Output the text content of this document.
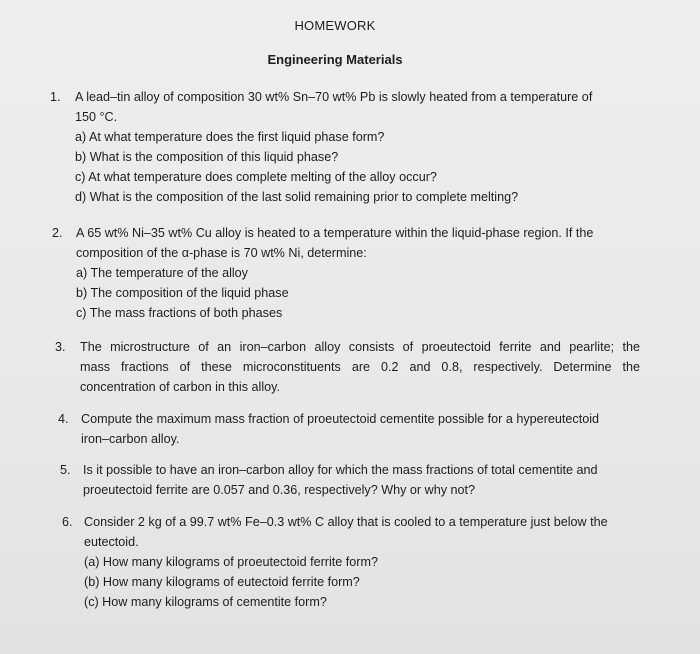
HOMEWORK
Engineering Materials
1. A lead–tin alloy of composition 30 wt% Sn–70 wt% Pb is slowly heated from a temperature of
150 °C.
a) At what temperature does the first liquid phase form?
b) What is the composition of this liquid phase?
c) At what temperature does complete melting of the alloy occur?
d) What is the composition of the last solid remaining prior to complete melting?
2. A 65 wt% Ni–35 wt% Cu alloy is heated to a temperature within the liquid-phase region. If the
composition of the α-phase is 70 wt% Ni, determine:
a) The temperature of the alloy
b) The composition of the liquid phase
c) The mass fractions of both phases
3. The microstructure of an iron–carbon alloy consists of proeutectoid ferrite and pearlite; the
mass fractions of these microconstituents are 0.2 and 0.8, respectively. Determine the
concentration of carbon in this alloy.
4. Compute the maximum mass fraction of proeutectoid cementite possible for a hypereutectoid
iron–carbon alloy.
5. Is it possible to have an iron–carbon alloy for which the mass fractions of total cementite and
proeutectoid ferrite are 0.057 and 0.36, respectively? Why or why not?
6. Consider 2 kg of a 99.7 wt% Fe–0.3 wt% C alloy that is cooled to a temperature just below the
eutectoid.
(a) How many kilograms of proeutectoid ferrite form?
(b) How many kilograms of eutectoid ferrite form?
(c) How many kilograms of cementite form?
